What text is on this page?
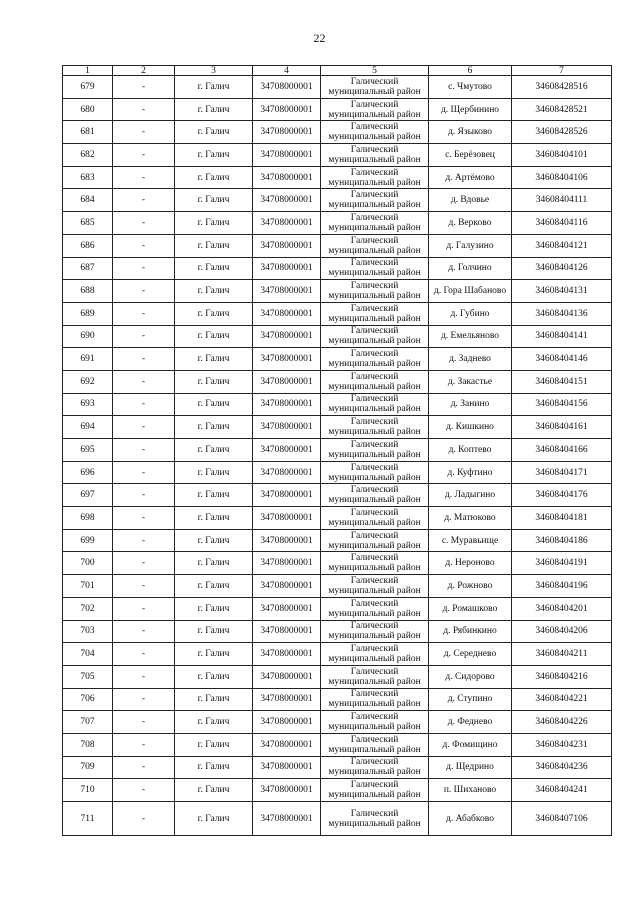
22
1	2	3	4	5	6	7
679	-	г. Галич	34708000001	Галический
муниципальный район	с. Чмутово	34608428516
680	-	г. Галич	34708000001	Галический
муниципальный район	д. Щербинино	34608428521
681	-	г. Галич	34708000001	Галический
муниципальный район	д. Языково	34608428526
682	-	г. Галич	34708000001	Галический
муниципальный район	с. Берёзовец	34608404101
683	-	г. Галич	34708000001	Галический
муниципальный район	д. Артёмово	34608404106
684	-	г. Галич	34708000001	Галический
муниципальный район	д. Вдовье	34608404111
685	-	г. Галич	34708000001	Галический
муниципальный район	д. Верково	34608404116
686	-	г. Галич	34708000001	Галический
муниципальный район	д. Галузино	34608404121
687	-	г. Галич	34708000001	Галический
муниципальный район	д. Голчино	34608404126
688	-	г. Галич	34708000001	Галический
муниципальный район	д. Гора Шабаново	34608404131
689	-	г. Галич	34708000001	Галический
муниципальный район	д. Губино	34608404136
690	-	г. Галич	34708000001	Галический
муниципальный район	д. Емельяново	34608404141
691	-	г. Галич	34708000001	Галический
муниципальный район	д. Заднево	34608404146
692	-	г. Галич	34708000001	Галический
муниципальный район	д. Закастье	34608404151
693	-	г. Галич	34708000001	Галический
муниципальный район	д. Занино	34608404156
694	-	г. Галич	34708000001	Галический
муниципальный район	д. Кишкино	34608404161
695	-	г. Галич	34708000001	Галический
муниципальный район	д. Коптево	34608404166
696	-	г. Галич	34708000001	Галический
муниципальный район	д. Куфтино	34608404171
697	-	г. Галич	34708000001	Галический
муниципальный район	д. Ладыгино	34608404176
698	-	г. Галич	34708000001	Галический
муниципальный район	д. Матюково	34608404181
699	-	г. Галич	34708000001	Галический
муниципальный район	с. Муравьище	34608404186
700	-	г. Галич	34708000001	Галический
муниципальный район	д. Нероново	34608404191
701	-	г. Галич	34708000001	Галический
муниципальный район	д. Рожново	34608404196
702	-	г. Галич	34708000001	Галический
муниципальный район	д. Ромашково	34608404201
703	-	г. Галич	34708000001	Галический
муниципальный район	д. Рябинкино	34608404206
704	-	г. Галич	34708000001	Галический
муниципальный район	д. Середнево	34608404211
705	-	г. Галич	34708000001	Галический
муниципальный район	д. Сидорово	34608404216
706	-	г. Галич	34708000001	Галический
муниципальный район	д. Ступино	34608404221
707	-	г. Галич	34708000001	Галический
муниципальный район	д. Феднево	34608404226
708	-	г. Галич	34708000001	Галический
муниципальный район	д. Фомищино	34608404231
709	-	г. Галич	34708000001	Галический
муниципальный район	д. Щедрино	34608404236
710	-	г. Галич	34708000001	Галический
муниципальный район	п. Шиханово	34608404241
711	-	г. Галич	34708000001	Галический
муниципальный район	д. Абабково	34608407106
